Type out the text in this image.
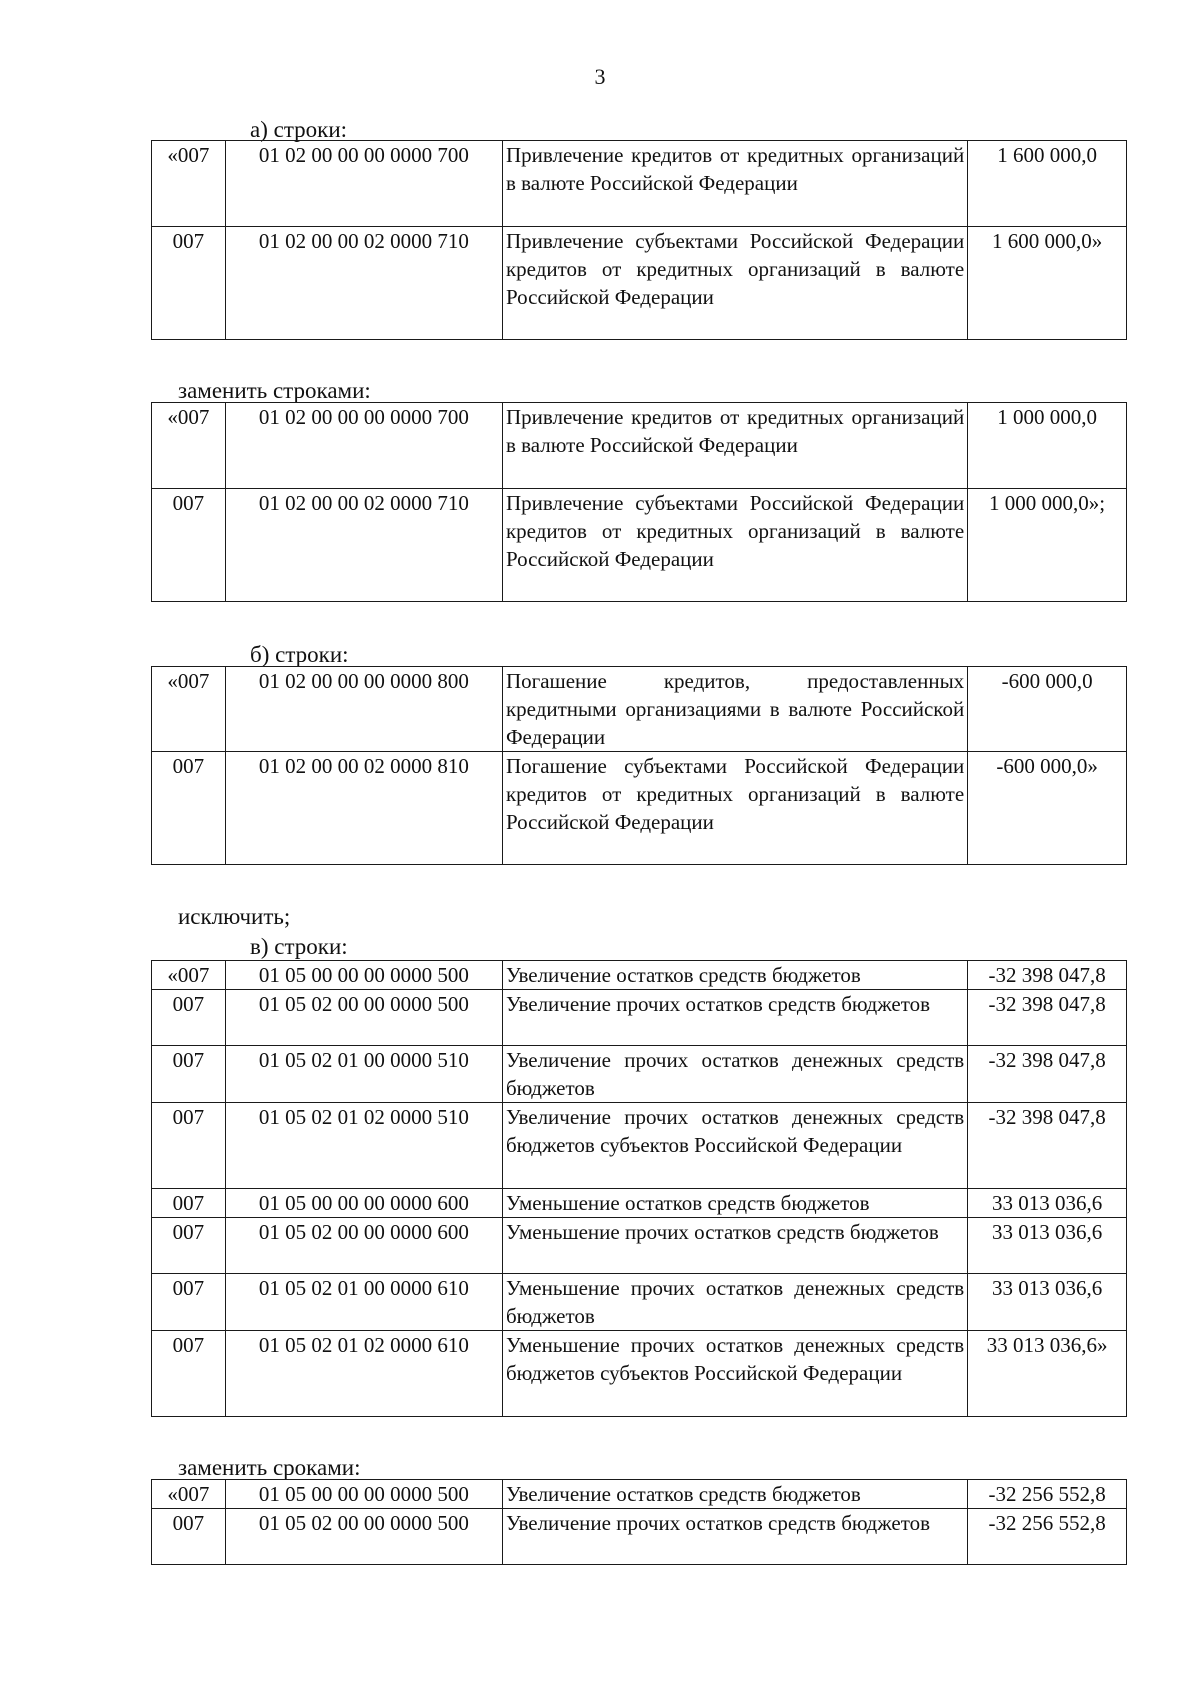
3
а) строки:
«007	01 02 00 00 00 0000 700	Привлечение кредитов от кредитных организаций в валюте Российской Федерации	1 600 000,0
007	01 02 00 00 02 0000 710	Привлечение субъектами Российской Федерации кредитов от кредитных организаций в валюте Российской Федерации	1 600 000,0»
заменить строками:
«007	01 02 00 00 00 0000 700	Привлечение кредитов от кредитных организаций в валюте Российской Федерации	1 000 000,0
007	01 02 00 00 02 0000 710	Привлечение субъектами Российской Федерации кредитов от кредитных организаций в валюте Российской Федерации	1 000 000,0»;
б) строки:
«007	01 02 00 00 00 0000 800	Погашение кредитов, предоставленных кредитными организациями в валюте Российской Федерации	-600 000,0
007	01 02 00 00 02 0000 810	Погашение субъектами Российской Федерации кредитов от кредитных организаций в валюте Российской Федерации	-600 000,0»
исключить;
в) строки:
«007	01 05 00 00 00 0000 500	Увеличение остатков средств бюджетов	-32 398 047,8
007	01 05 02 00 00 0000 500	Увеличение прочих остатков средств бюджетов	-32 398 047,8
007	01 05 02 01 00 0000 510	Увеличение прочих остатков денежных средств бюджетов	-32 398 047,8
007	01 05 02 01 02 0000 510	Увеличение прочих остатков денежных средств бюджетов субъектов Российской Федерации	-32 398 047,8
007	01 05 00 00 00 0000 600	Уменьшение остатков средств бюджетов	33 013 036,6
007	01 05 02 00 00 0000 600	Уменьшение прочих остатков средств бюджетов	33 013 036,6
007	01 05 02 01 00 0000 610	Уменьшение прочих остатков денежных средств бюджетов	33 013 036,6
007	01 05 02 01 02 0000 610	Уменьшение прочих остатков денежных средств бюджетов субъектов Российской Федерации	33 013 036,6»
заменить сроками:
«007	01 05 00 00 00 0000 500	Увеличение остатков средств бюджетов	-32 256 552,8
007	01 05 02 00 00 0000 500	Увеличение прочих остатков средств бюджетов	-32 256 552,8
